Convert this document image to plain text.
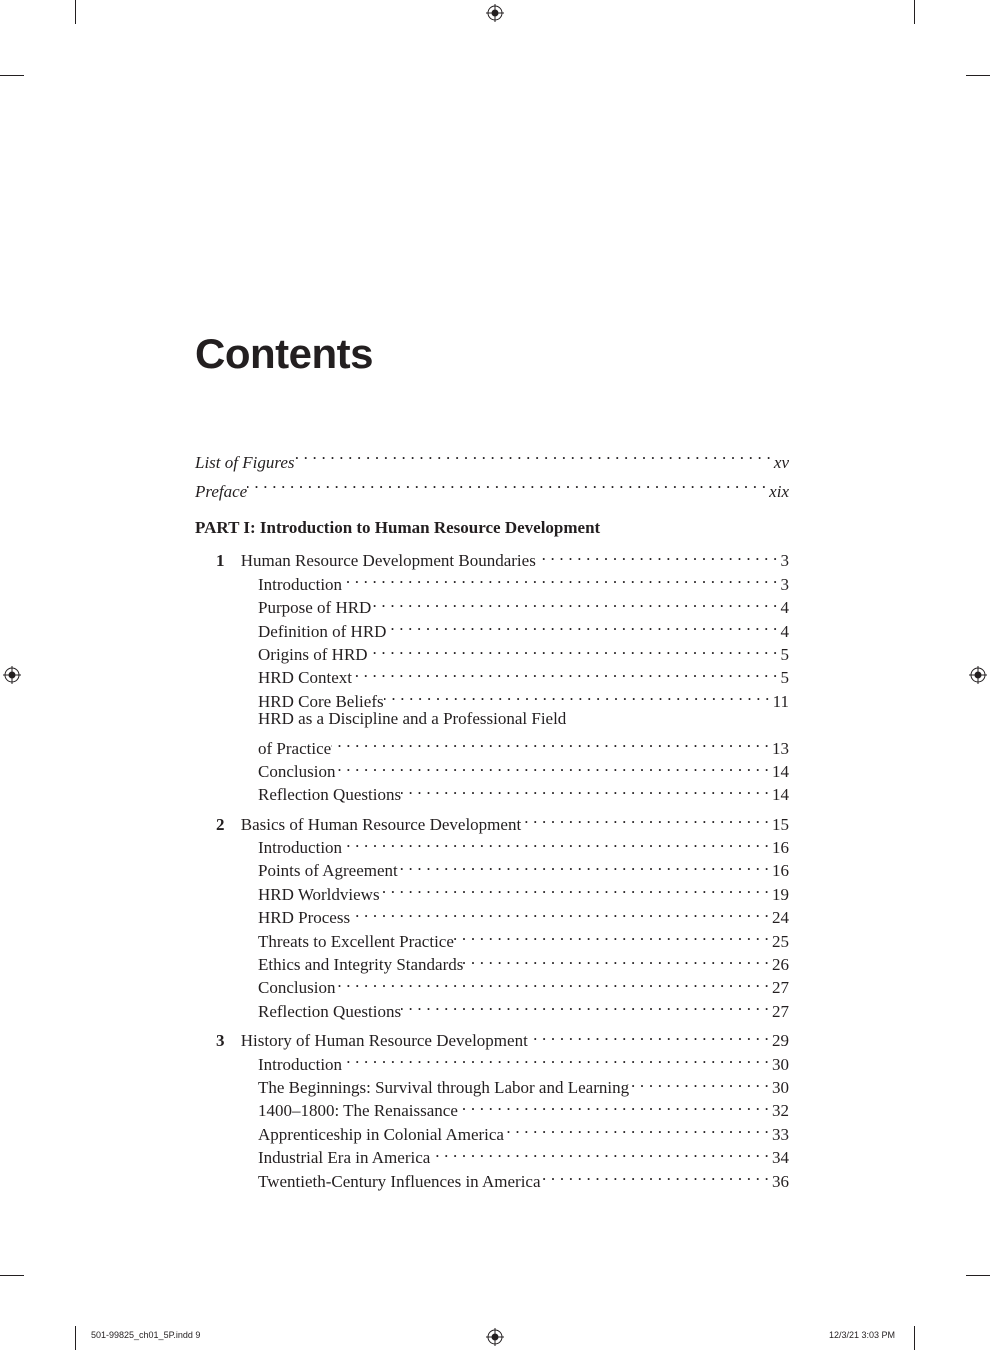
Contents
List of Figures . . .	xv
Preface . . .	xix
PART I: Introduction to Human Resource Development
1 Human Resource Development Boundaries . . .	3
Introduction . . .	3
Purpose of HRD . . .	4
Definition of HRD . . .	4
Origins of HRD . . .	5
HRD Context . . .	5
HRD Core Beliefs . . .	11
HRD as a Discipline and a Professional Field
of Practice . . .	13
Conclusion . . .	14
Reflection Questions . . .	14
2 Basics of Human Resource Development . . .	15
Introduction . . .	16
Points of Agreement . . .	16
HRD Worldviews . . .	19
HRD Process . . .	24
Threats to Excellent Practice . . .	25
Ethics and Integrity Standards . . .	26
Conclusion . . .	27
Reflection Questions . . .	27
3 History of Human Resource Development . . .	29
Introduction . . .	30
The Beginnings: Survival through Labor and Learning . . .	30
1400–1800: The Renaissance . . .	32
Apprenticeship in Colonial America . . .	33
Industrial Era in America . . .	34
Twentieth-Century Influences in America . . .	36
501-99825_ch01_5P.indd 9	12/3/21 3:03 PM
